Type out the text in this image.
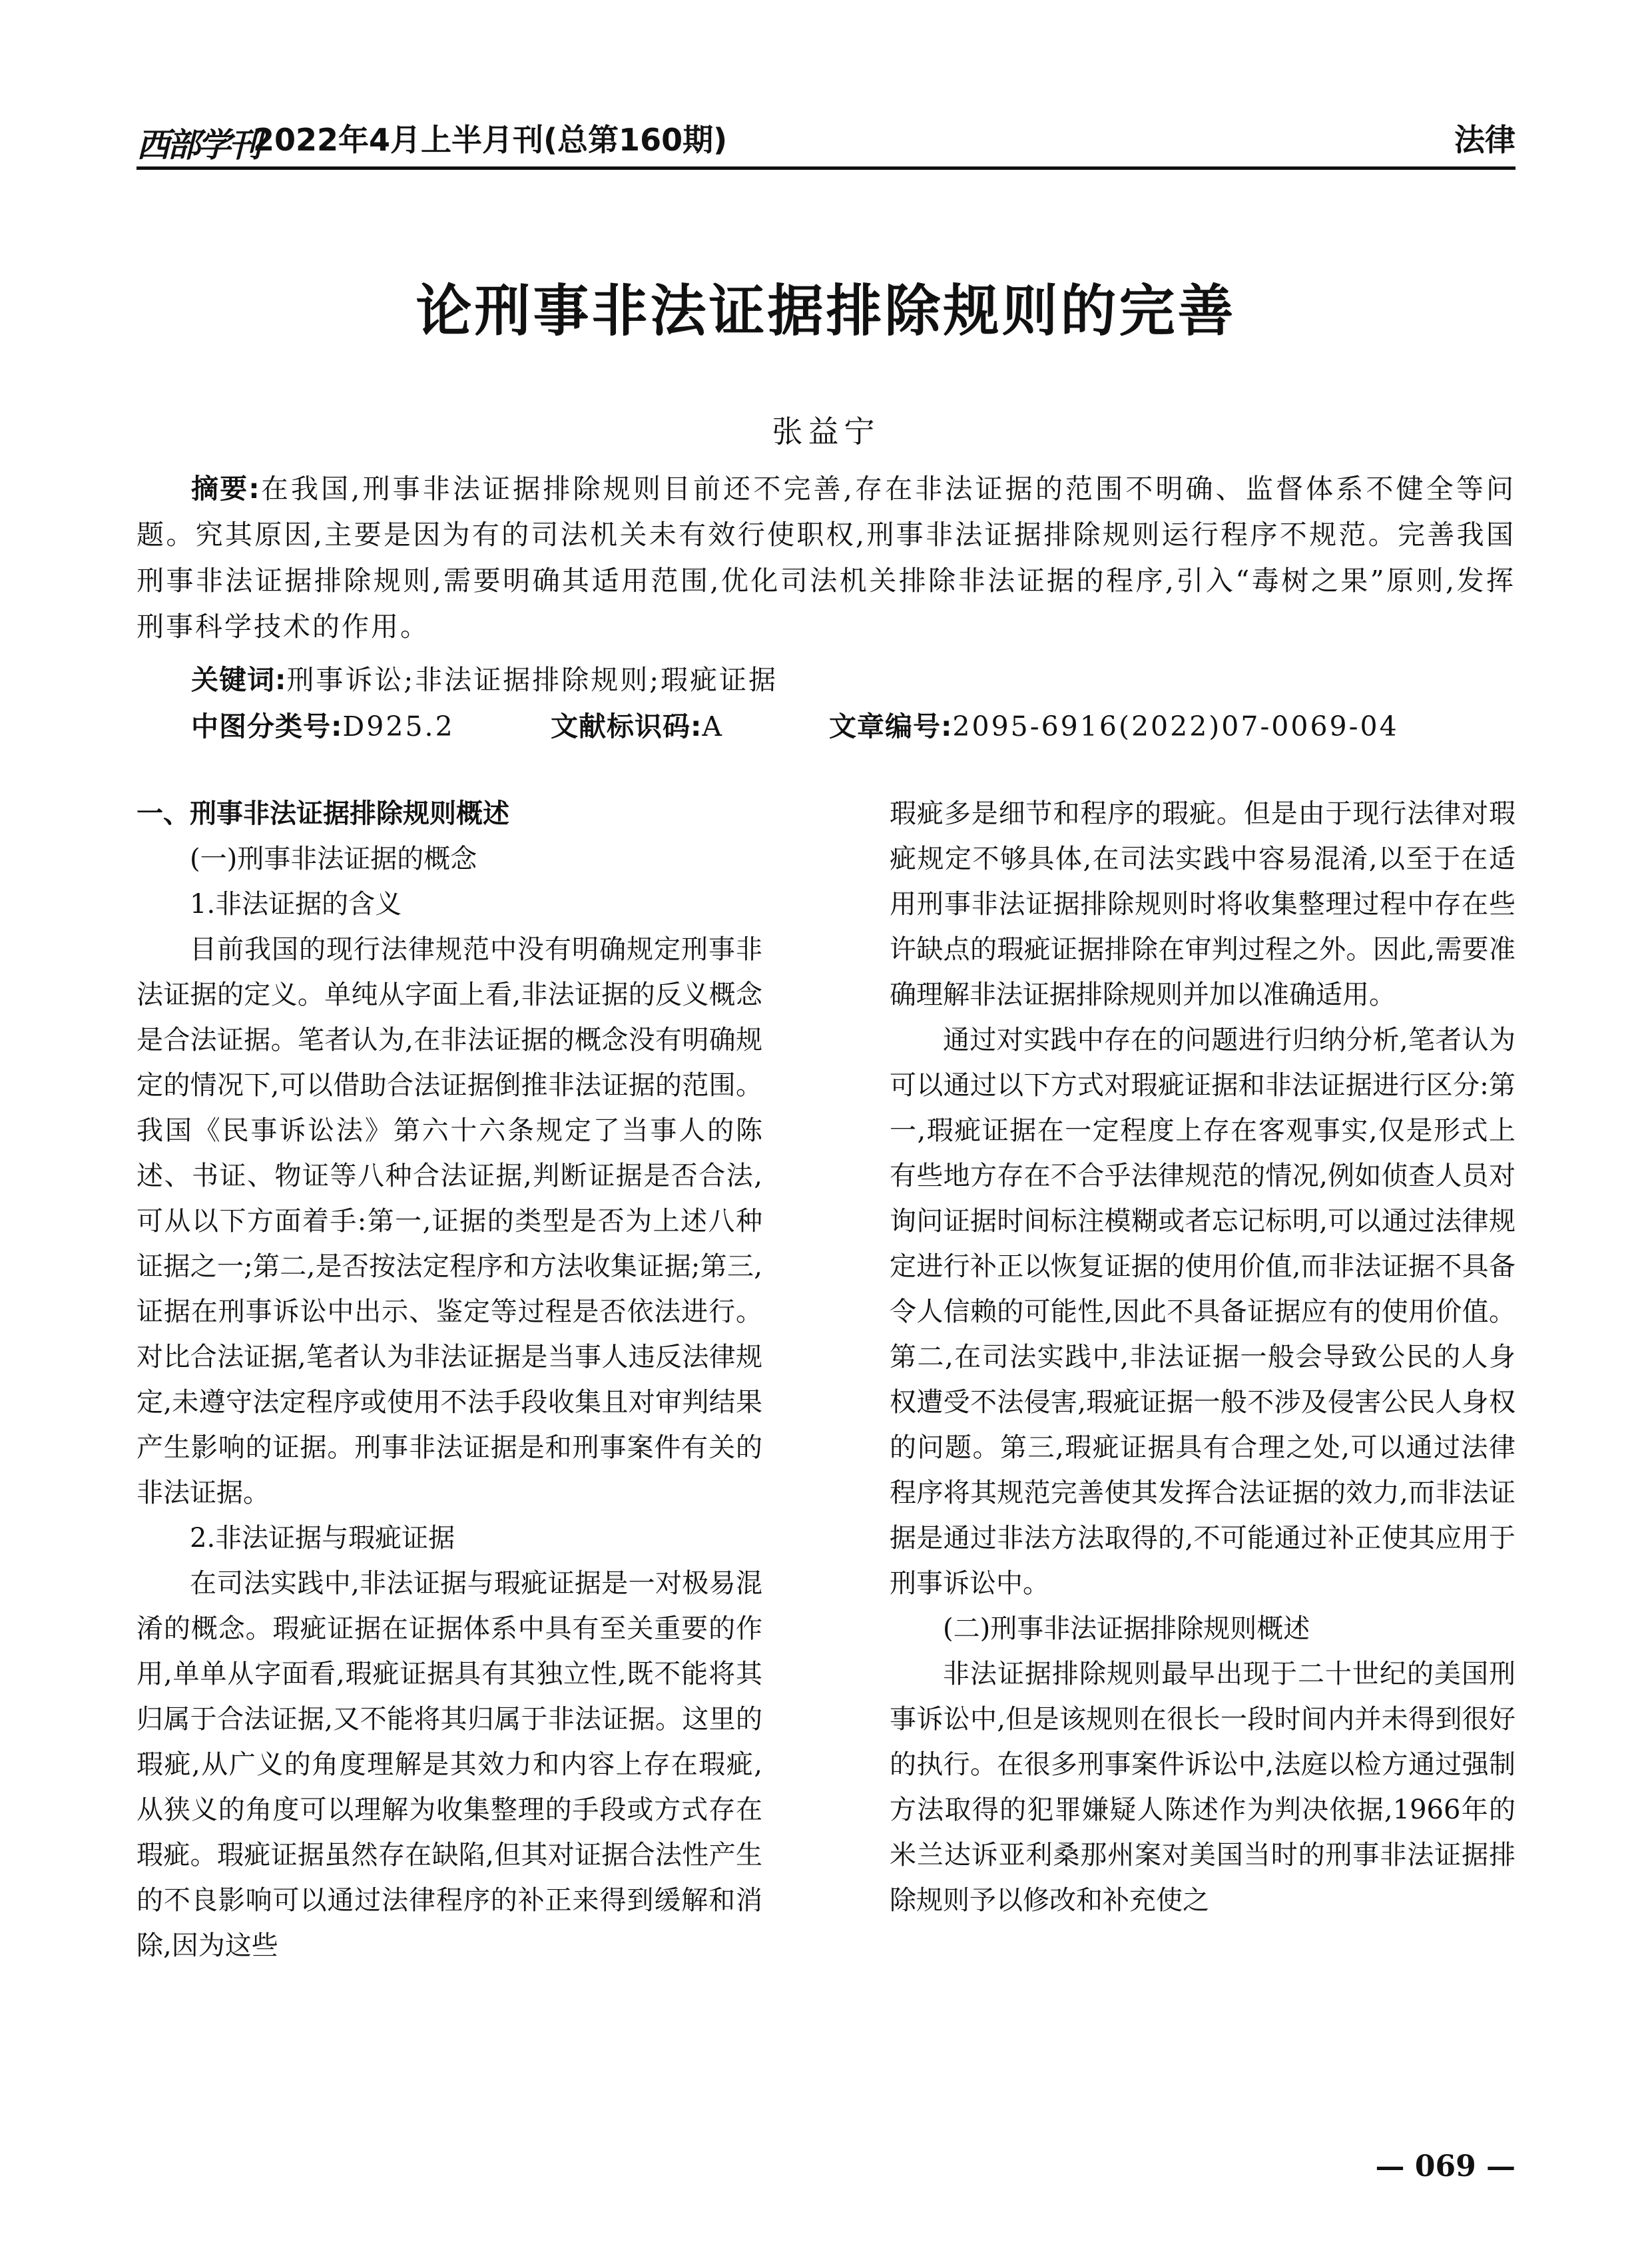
西部学刊
2022年4月上半月刊(总第160期)	法律
论刑事非法证据排除规则的完善
张益宁
摘要:在我国,刑事非法证据排除规则目前还不完善,存在非法证据的范围不明确、监督体系不健全等问题。究其原因,主要是因为有的司法机关未有效行使职权,刑事非法证据排除规则运行程序不规范。完善我国刑事非法证据排除规则,需要明确其适用范围,优化司法机关排除非法证据的程序,引入“毒树之果”原则,发挥刑事科学技术的作用。
关键词:刑事诉讼;非法证据排除规则;瑕疵证据
中图分类号:D925.2	文献标识码:A	文章编号:2095-6916(2022)07-0069-04

一、刑事非法证据排除规则概述

(一)刑事非法证据的概念

1.非法证据的含义

目前我国的现行法律规范中没有明确规定刑事非法证据的定义。单纯从字面上看,非法证据的反义概念是合法证据。笔者认为,在非法证据的概念没有明确规定的情况下,可以借助合法证据倒推非法证据的范围。我国《民事诉讼法》第六十六条规定了当事人的陈述、书证、物证等八种合法证据,判断证据是否合法,可从以下方面着手:第一,证据的类型是否为上述八种证据之一;第二,是否按法定程序和方法收集证据;第三,证据在刑事诉讼中出示、鉴定等过程是否依法进行。对比合法证据,笔者认为非法证据是当事人违反法律规定,未遵守法定程序或使用不法手段收集且对审判结果产生影响的证据。刑事非法证据是和刑事案件有关的非法证据。

2.非法证据与瑕疵证据

在司法实践中,非法证据与瑕疵证据是一对极易混淆的概念。瑕疵证据在证据体系中具有至关重要的作用,单单从字面看,瑕疵证据具有其独立性,既不能将其归属于合法证据,又不能将其归属于非法证据。这里的瑕疵,从广义的角度理解是其效力和内容上存在瑕疵,从狭义的角度可以理解为收集整理的手段或方式存在瑕疵。瑕疵证据虽然存在缺陷,但其对证据合法性产生的不良影响可以通过法律程序的补正来得到缓解和消除,因为这些

瑕疵多是细节和程序的瑕疵。但是由于现行法律对瑕疵规定不够具体,在司法实践中容易混淆,以至于在适用刑事非法证据排除规则时将收集整理过程中存在些许缺点的瑕疵证据排除在审判过程之外。因此,需要准确理解非法证据排除规则并加以准确适用。

通过对实践中存在的问题进行归纳分析,笔者认为可以通过以下方式对瑕疵证据和非法证据进行区分:第一,瑕疵证据在一定程度上存在客观事实,仅是形式上有些地方存在不合乎法律规范的情况,例如侦查人员对询问证据时间标注模糊或者忘记标明,可以通过法律规定进行补正以恢复证据的使用价值,而非法证据不具备令人信赖的可能性,因此不具备证据应有的使用价值。第二,在司法实践中,非法证据一般会导致公民的人身权遭受不法侵害,瑕疵证据一般不涉及侵害公民人身权的问题。第三,瑕疵证据具有合理之处,可以通过法律程序将其规范完善使其发挥合法证据的效力,而非法证据是通过非法方法取得的,不可能通过补正使其应用于刑事诉讼中。

(二)刑事非法证据排除规则概述

非法证据排除规则最早出现于二十世纪的美国刑事诉讼中,但是该规则在很长一段时间内并未得到很好的执行。在很多刑事案件诉讼中,法庭以检方通过强制方法取得的犯罪嫌疑人陈述作为判决依据,1966年的米兰达诉亚利桑那州案对美国当时的刑事非法证据排除规则予以修改和补充使之

— 069 —
